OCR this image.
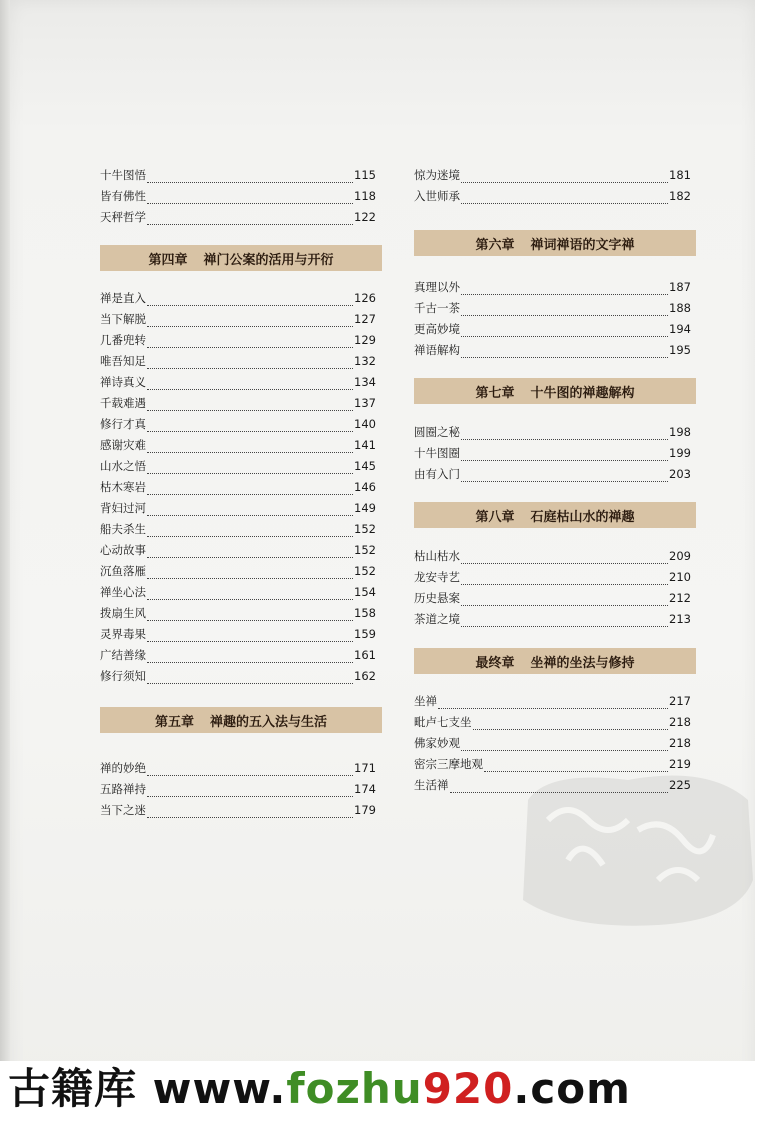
十牛图悟	115
皆有佛性	118
天秤哲学	122
第四章 禅门公案的活用与开衍
禅是直入	126
当下解脱	127
几番兜转	129
唯吾知足	132
禅诗真义	134
千载难遇	137
修行才真	140
感谢灾难	141
山水之悟	145
枯木寒岩	146
背妇过河	149
船夫杀生	152
心动故事	152
沉鱼落雁	152
禅坐心法	154
拨扇生风	158
灵界毒果	159
广结善缘	161
修行须知	162
第五章 禅趣的五入法与生活
禅的妙绝	171
五路禅持	174
当下之迷	179
惊为迷境	181
入世师承	182
第六章 禅词禅语的文字禅
真理以外	187
千古一茶	188
更高妙境	194
禅语解构	195
第七章 十牛图的禅趣解构
圆圈之秘	198
十牛图圈	199
由有入门	203
第八章 石庭枯山水的禅趣
枯山枯水	209
龙安寺艺	210
历史悬案	212
茶道之境	213
最终章 坐禅的坐法与修持
坐禅	217
毗卢七支坐	218
佛家妙观	218
密宗三摩地观	219
生活禅	225
古籍库 www.fozhu920.com
